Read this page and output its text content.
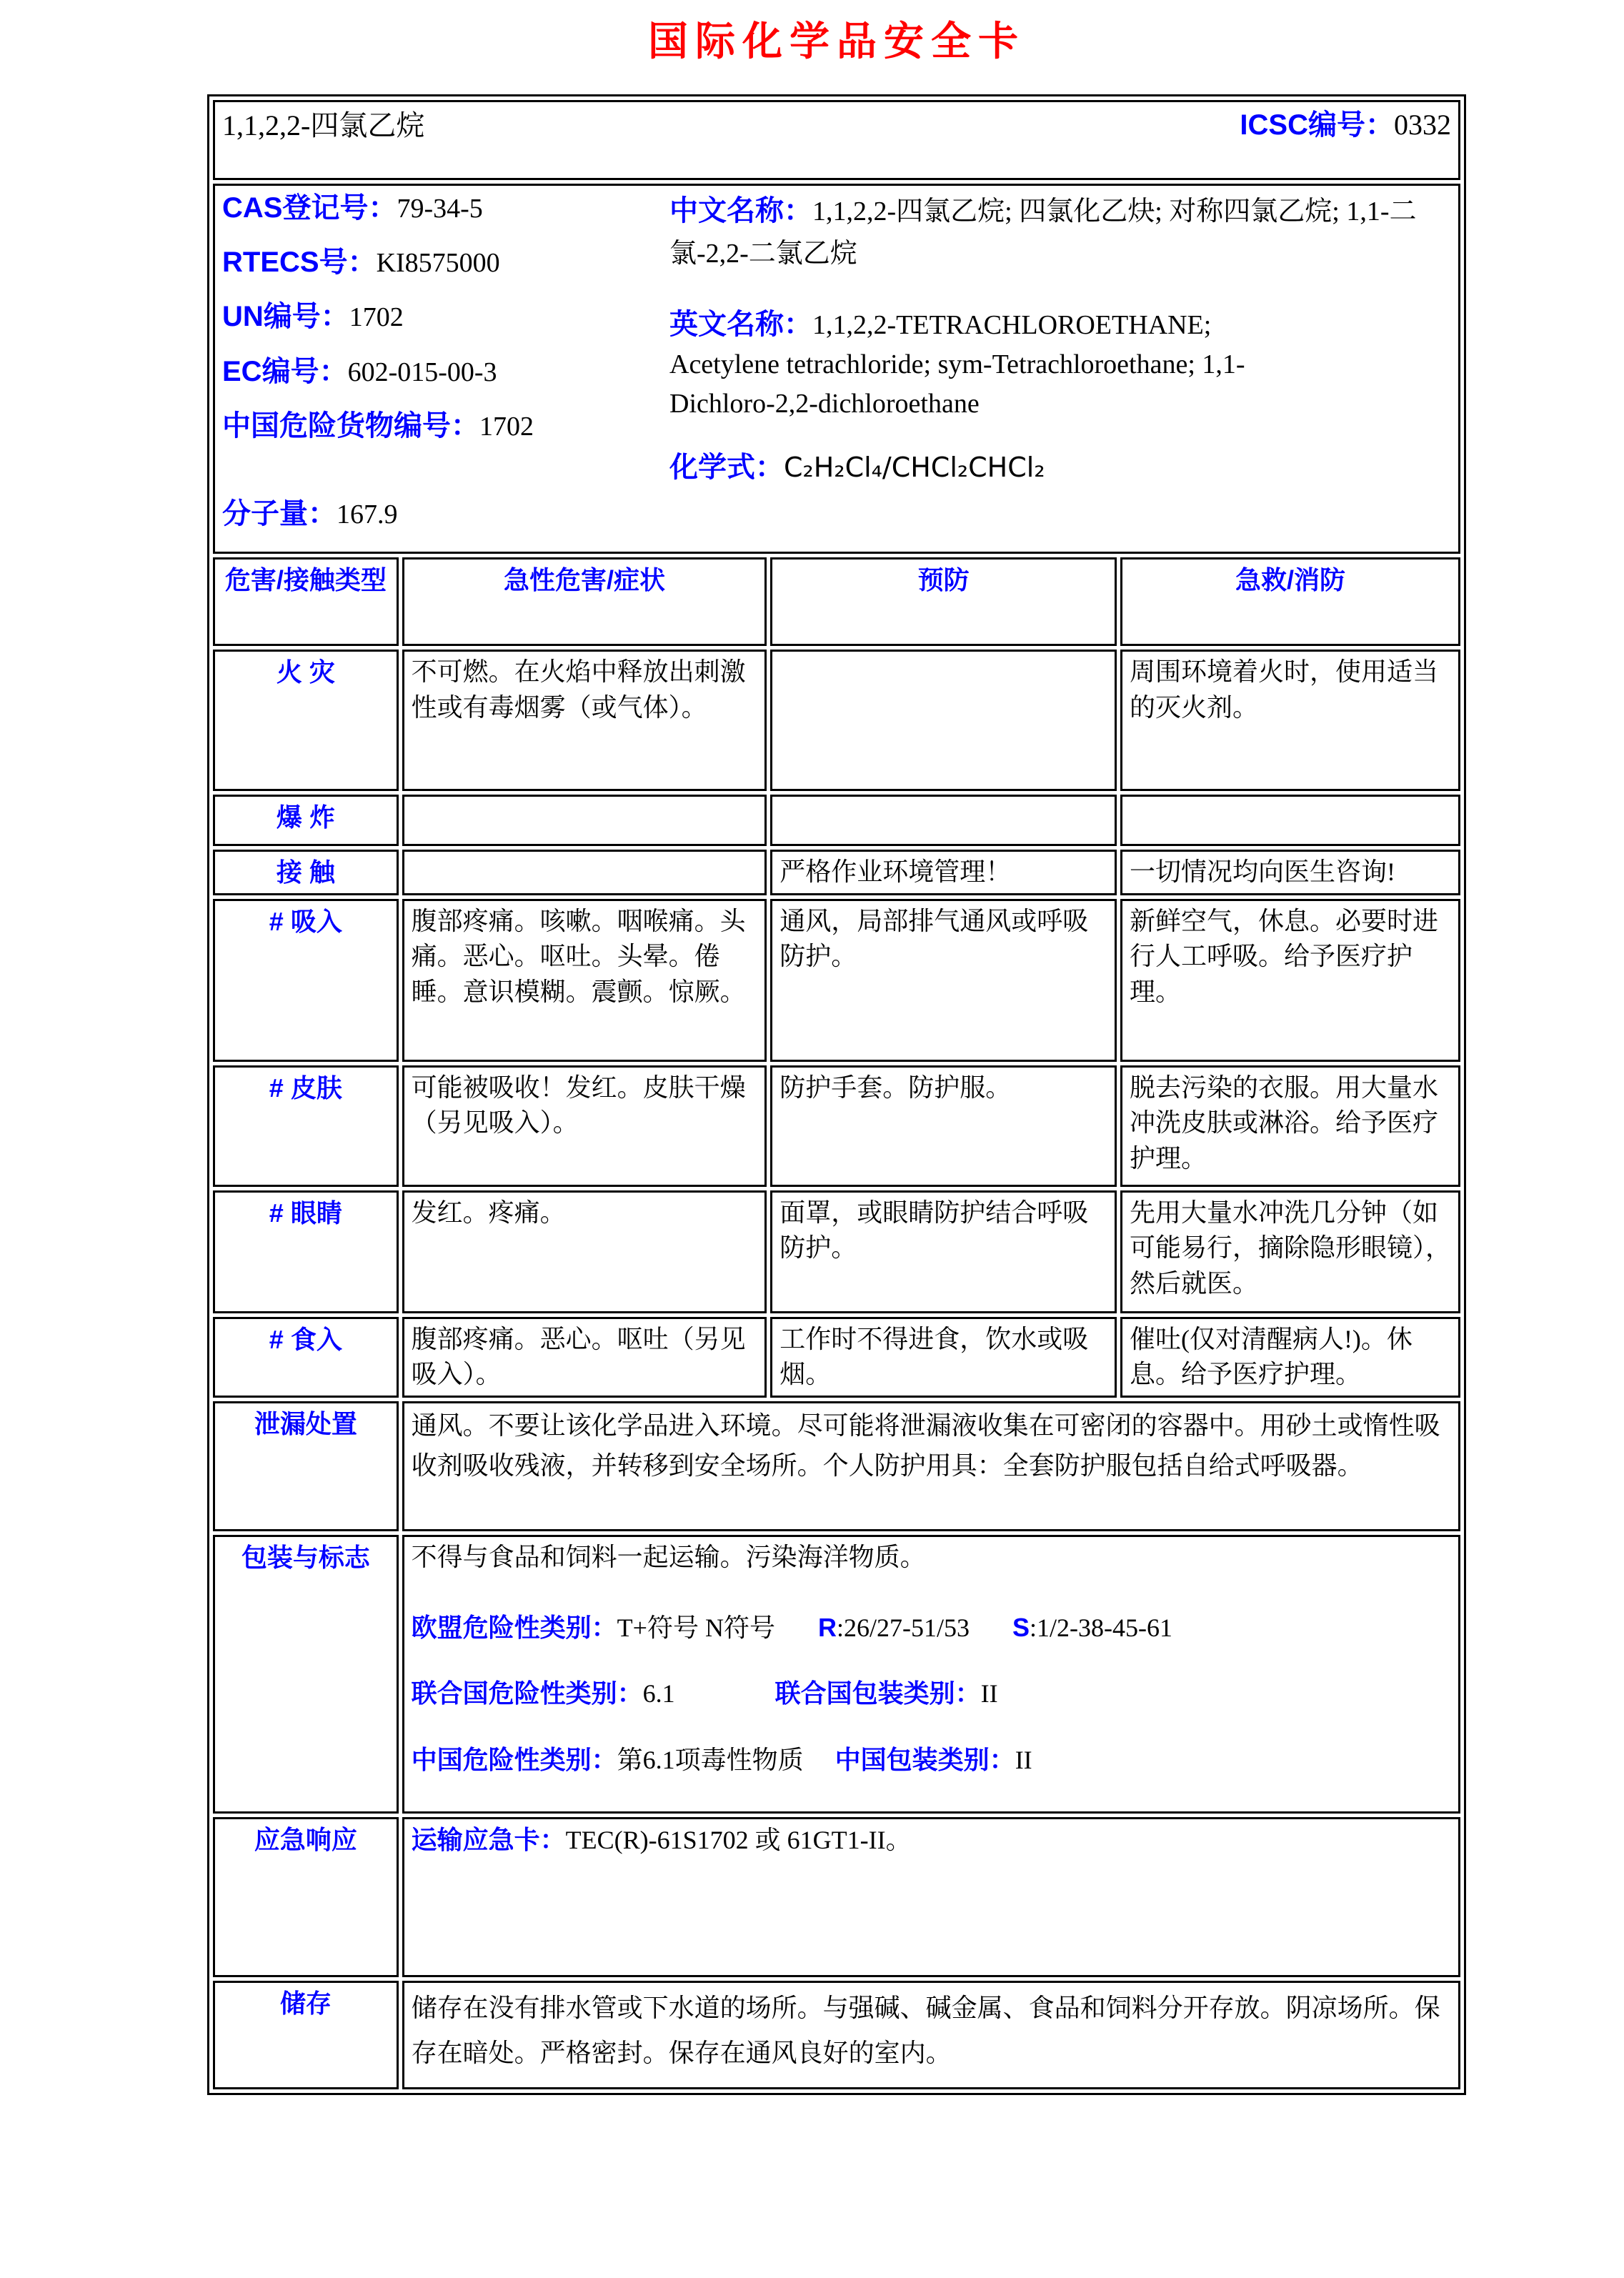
国际化学品安全卡
1,1,2,2-四氯乙烷 ICSC编号：0332			

CAS登记号：79-34-5
RTECS号：KI8575000
UN编号：1702
EC编号：602-015-00-3
中国危险货物编号：1702
分子量：167.9
中文名称：1,1,2,2-四氯乙烷; 四氯化乙炔; 对称四氯乙烷; 1,1-二氯-2,2-二氯乙烷
英文名称：1,1,2,2-TETRACHLOROETHANE; Acetylene tetrachloride; sym-Tetrachloroethane; 1,1-Dichloro-2,2-dichloroethane
化学式：C₂H₂Cl₄/CHCl₂CHCl₂

危害/接触类型	急性危害/症状	预防	急救/消防
火 灾	不可燃。在火焰中释放出刺激性或有毒烟雾（或气体）。		周围环境着火时，使用适当的灭火剂。
爆 炸			
接 触		严格作业环境管理！	一切情况均向医生咨询!
# 吸入	腹部疼痛。咳嗽。咽喉痛。头痛。恶心。呕吐。头晕。倦睡。意识模糊。震颤。惊厥。	通风，局部排气通风或呼吸防护。	新鲜空气，休息。必要时进行人工呼吸。给予医疗护理。
# 皮肤	可能被吸收！发红。皮肤干燥（另见吸入）。	防护手套。防护服。	脱去污染的衣服。用大量水冲洗皮肤或淋浴。给予医疗护理。
# 眼睛	发红。疼痛。	面罩，或眼睛防护结合呼吸防护。	先用大量水冲洗几分钟（如可能易行，摘除隐形眼镜），然后就医。
# 食入	腹部疼痛。恶心。呕吐（另见吸入）。	工作时不得进食，饮水或吸烟。	催吐(仅对清醒病人!)。休息。给予医疗护理。
泄漏处置	通风。不要让该化学品进入环境。尽可能将泄漏液收集在可密闭的容器中。用砂土或惰性吸收剂吸收残液，并转移到安全场所。个人防护用具：全套防护服包括自给式呼吸器。		

包装与标志	不得与食品和饲料一起运输。污染海洋物质。
欧盟危险性类别：T+符号 N符号 R:26/27-51/53 S:1/2-38-45-61
联合国危险性类别：6.1 联合国包装类别：II
中国危险性类别：第6.1项毒性物质 中国包装类别：II		

应急响应	运输应急卡：TEC(R)-61S1702 或 61GT1-II。		

储存	储存在没有排水管或下水道的场所。与强碱、碱金属、食品和饲料分开存放。阴凉场所。保存在暗处。严格密封。保存在通风良好的室内。		
